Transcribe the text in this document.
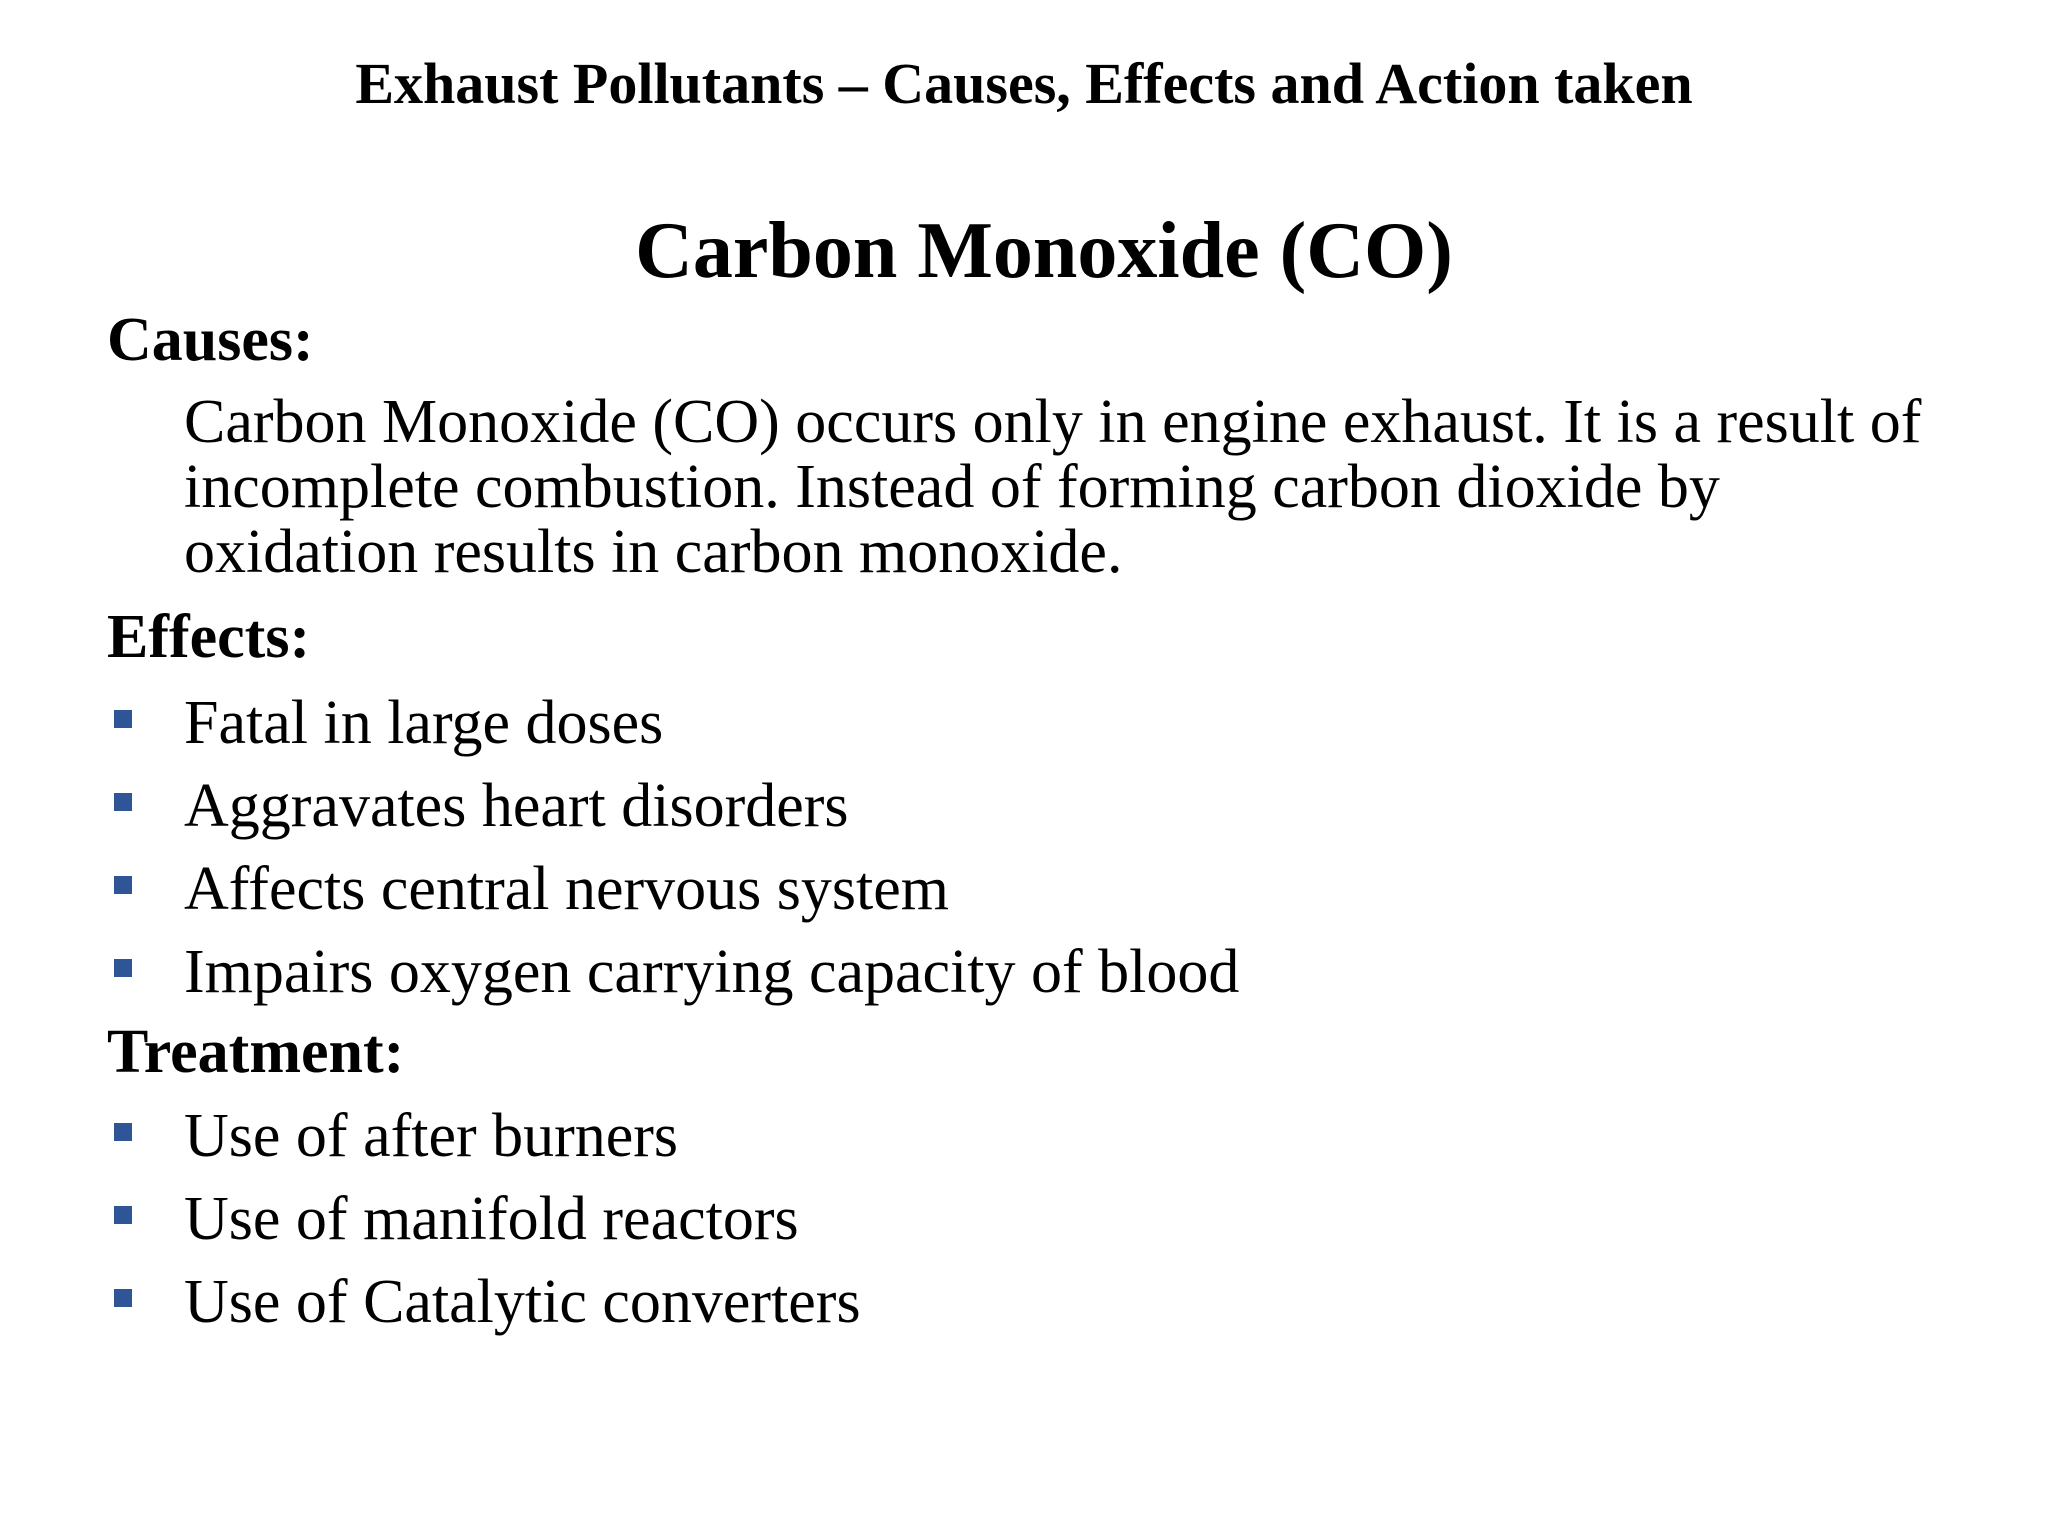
Exhaust Pollutants – Causes, Effects and Action taken
Carbon Monoxide (CO)
Causes:
Carbon Monoxide (CO) occurs only in engine exhaust. It is a result of incomplete combustion. Instead of forming carbon dioxide by oxidation results in carbon monoxide.
Effects:
Fatal in large doses
Aggravates heart disorders
Affects central nervous system
Impairs oxygen carrying capacity of blood
Treatment:
Use of after burners
Use of manifold reactors
Use of Catalytic converters
